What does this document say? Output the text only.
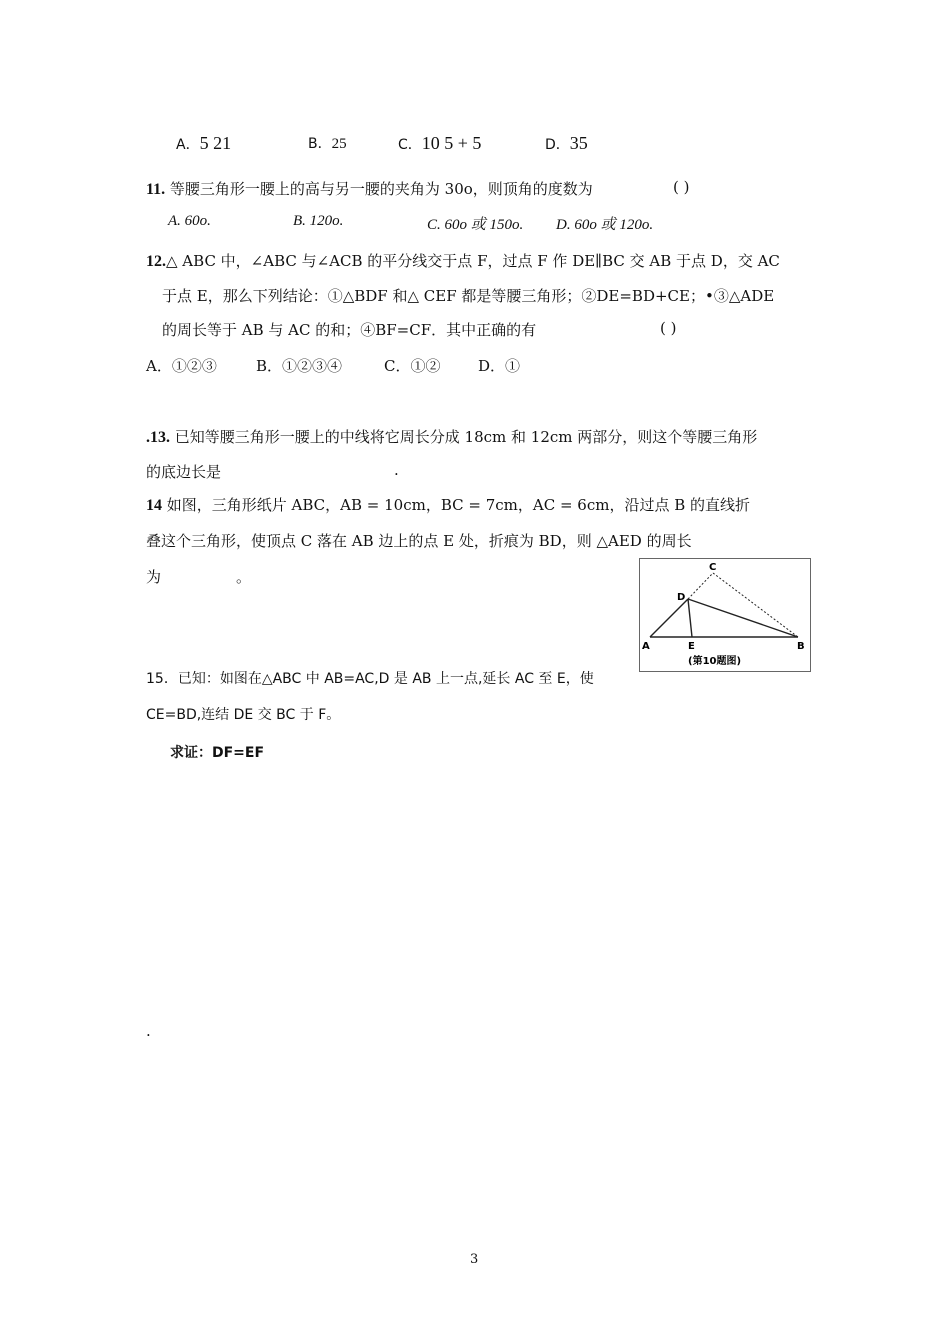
A．5 21	B．25	C．10 5 + 5	D．35
11. 等腰三角形一腰上的高与另一腰的夹角为 30o，则顶角的度数为	( )
A. 60o.	B. 120o.	C. 60o 或 150o. D. 60o 或 120o.
12.△ ABC 中，∠ABC 与∠ACB 的平分线交于点 F，过点 F 作 DE∥BC 交 AB 于点 D，交 AC
于点 E，那么下列结论：①△BDF 和△ CEF 都是等腰三角形；②DE=BD+CE；•③△ADE
的周长等于 AB 与 AC 的和；④BF=CF．其中正确的有	( )
A．①②③	B．①②③④	C．①②	D．①
.13. 已知等腰三角形一腰上的中线将它周长分成 18cm 和 12cm 两部分，则这个等腰三角形
的底边长是	.
14 如图，三角形纸片 ABC，AB = 10cm，BC = 7cm，AC = 6cm，沿过点 B 的直线折
叠这个三角形，使顶点 C 落在 AB 边上的点 E 处，折痕为 BD，则 △AED 的周长
为	。
C
D
A	E	B
(第10题图)
15．已知：如图在△ABC 中 AB=AC,D 是 AB 上一点,延长 AC 至 E，使
CE=BD,连结 DE 交 BC 于 F。
求证：DF=EF
.
3
